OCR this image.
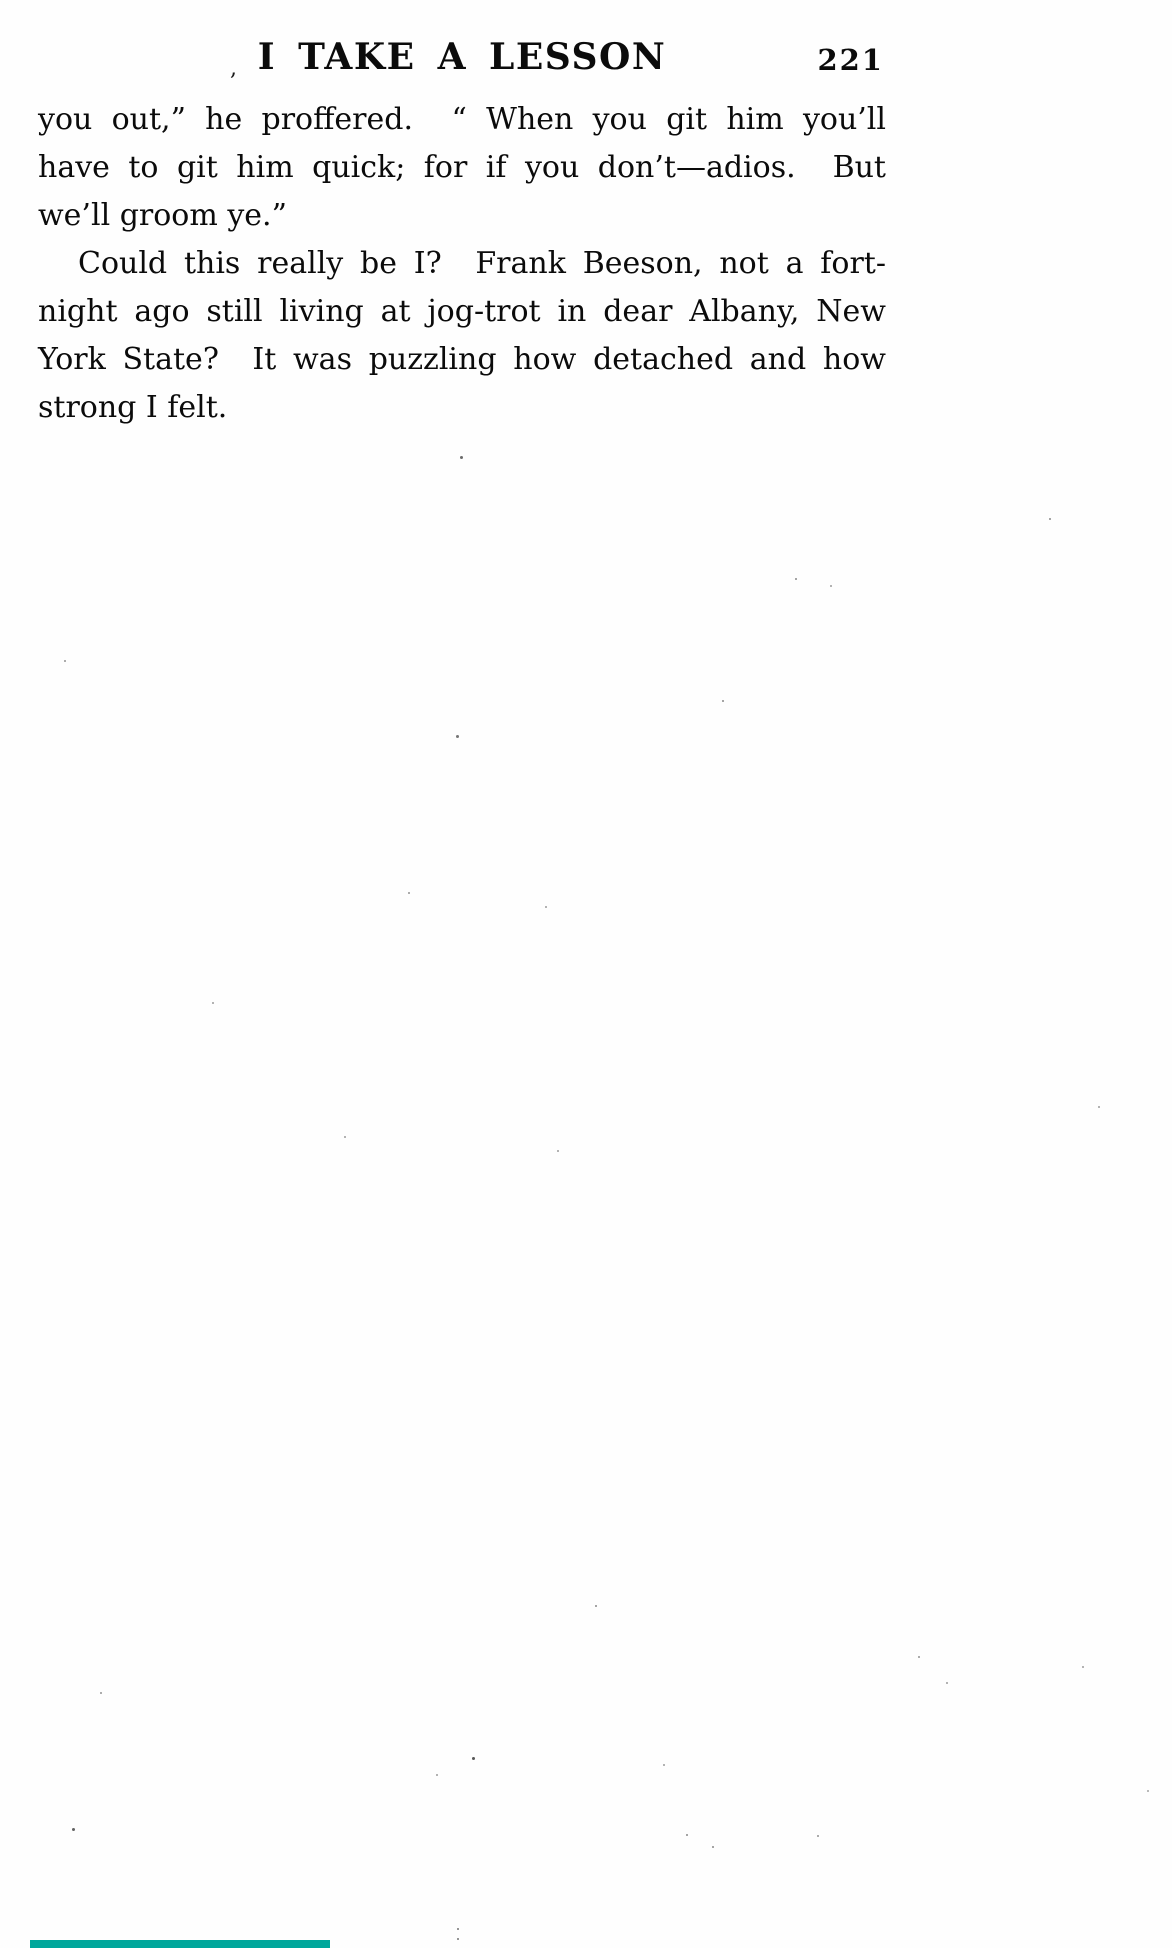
I TAKE A LESSON	221
you out,” he proffered.  “ When you git him you’ll
have to git him quick; for if you don’t—adios.  But
we’ll groom ye.”
Could this really be I?  Frank Beeson, not a fort-
night ago still living at jog-trot in dear Albany, New
York State?  It was puzzling how detached and how
strong I felt.
,
